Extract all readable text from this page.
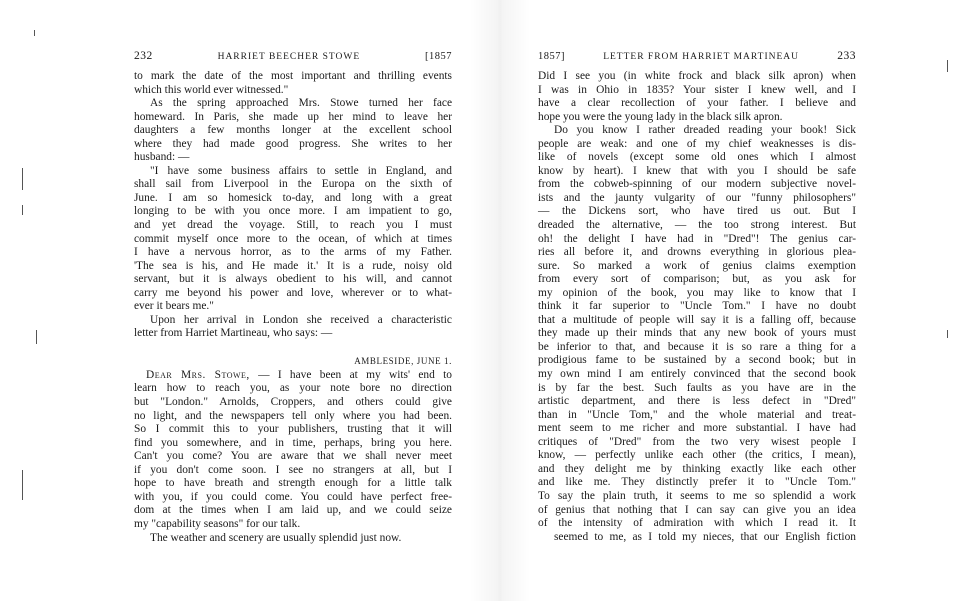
232	HARRIET BEECHER STOWE	[1857
to mark the date of the most important and thrilling events
which this world ever witnessed."
As the spring approached Mrs. Stowe turned her face
homeward. In Paris, she made up her mind to leave her
daughters a few months longer at the excellent school
where they had made good progress. She writes to her
husband: —
"I have some business affairs to settle in England, and
shall sail from Liverpool in the Europa on the sixth of
June. I am so homesick to-day, and long with a great
longing to be with you once more. I am impatient to go,
and yet dread the voyage. Still, to reach you I must
commit myself once more to the ocean, of which at times
I have a nervous horror, as to the arms of my Father.
'The sea is his, and He made it.' It is a rude, noisy old
servant, but it is always obedient to his will, and cannot
carry me beyond his power and love, wherever or to what-
ever it bears me."
Upon her arrival in London she received a characteristic
letter from Harriet Martineau, who says: —
AMBLESIDE, JUNE 1.
Dear Mrs. Stowe, — I have been at my wits' end to
learn how to reach you, as your note bore no direction
but "London." Arnolds, Croppers, and others could give
no light, and the newspapers tell only where you had been.
So I commit this to your publishers, trusting that it will
find you somewhere, and in time, perhaps, bring you here.
Can't you come? You are aware that we shall never meet
if you don't come soon. I see no strangers at all, but I
hope to have breath and strength enough for a little talk
with you, if you could come. You could have perfect free-
dom at the times when I am laid up, and we could seize
my "capability seasons" for our talk.
The weather and scenery are usually splendid just now.
1857]	LETTER FROM HARRIET MARTINEAU	233
Did I see you (in white frock and black silk apron) when
I was in Ohio in 1835? Your sister I knew well, and I
have a clear recollection of your father. I believe and
hope you were the young lady in the black silk apron.
Do you know I rather dreaded reading your book! Sick
people are weak: and one of my chief weaknesses is dis-
like of novels (except some old ones which I almost
know by heart). I knew that with you I should be safe
from the cobweb-spinning of our modern subjective novel-
ists and the jaunty vulgarity of our "funny philosophers"
— the Dickens sort, who have tired us out. But I
dreaded the alternative, — the too strong interest. But
oh! the delight I have had in "Dred"! The genius car-
ries all before it, and drowns everything in glorious plea-
sure. So marked a work of genius claims exemption
from every sort of comparison; but, as you ask for
my opinion of the book, you may like to know that I
think it far superior to "Uncle Tom." I have no doubt
that a multitude of people will say it is a falling off, because
they made up their minds that any new book of yours must
be inferior to that, and because it is so rare a thing for a
prodigious fame to be sustained by a second book; but in
my own mind I am entirely convinced that the second book
is by far the best. Such faults as you have are in the
artistic department, and there is less defect in "Dred"
than in "Uncle Tom," and the whole material and treat-
ment seem to me richer and more substantial. I have had
critiques of "Dred" from the two very wisest people I
know, — perfectly unlike each other (the critics, I mean),
and they delight me by thinking exactly like each other
and like me. They distinctly prefer it to "Uncle Tom."
To say the plain truth, it seems to me so splendid a work
of genius that nothing that I can say can give you an idea
of the intensity of admiration with which I read it. It
seemed to me, as I told my nieces, that our English fiction
